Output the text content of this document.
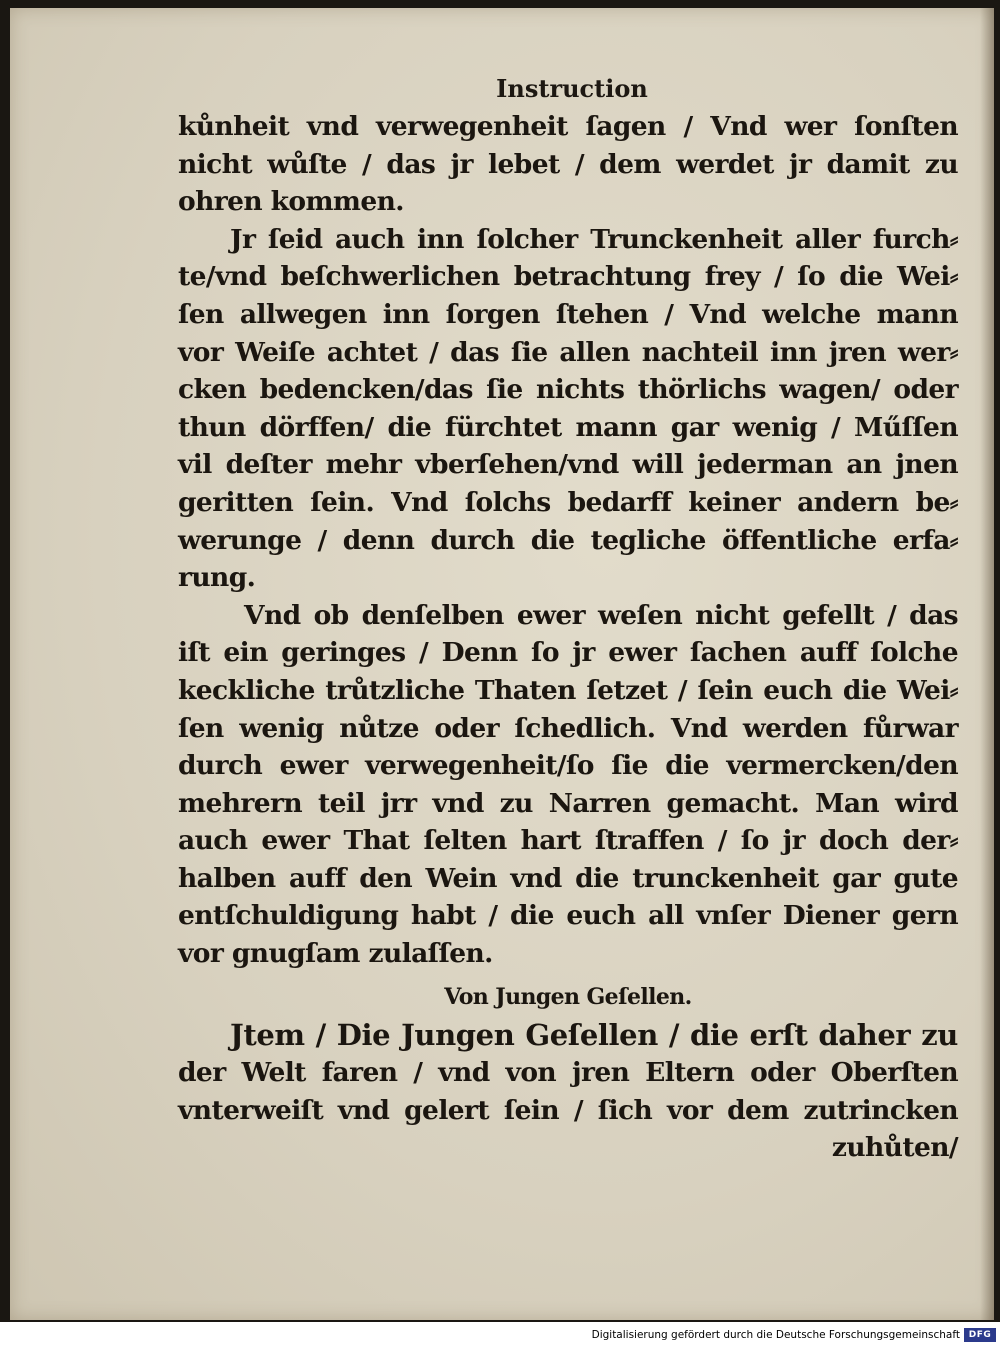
Instruction
kůnheit vnd verwegenheit ſagen / Vnd wer ſonſten
nicht wůſte / das jr lebet / dem werdet jr damit zu
ohren kommen.
Jr ſeid auch inn ſolcher Trunckenheit aller furch⸗
te/vnd beſchwerlichen betrachtung frey / ſo die Wei⸗
ſen allwegen inn ſorgen ſtehen / Vnd welche mann
vor Weiſe achtet / das ſie allen nachteil inn jren wer⸗
cken bedencken/das ſie nichts thörlichs wagen/ oder
thun dörffen/ die fürchtet mann gar wenig / Műſſen
vil deſter mehr vberſehen/vnd will jederman an jnen
geritten ſein. Vnd ſolchs bedarff keiner andern be⸗
werunge / denn durch die tegliche öffentliche erfa⸗
rung.
Vnd ob denſelben ewer weſen nicht gefellt / das
iſt ein geringes / Denn ſo jr ewer ſachen auff ſolche
keckliche trůtzliche Thaten ſetzet / ſein euch die Wei⸗
ſen wenig nůtze oder ſchedlich. Vnd werden fůrwar
durch ewer verwegenheit/ſo ſie die vermercken/den
mehrern teil jrr vnd zu Narren gemacht. Man wird
auch ewer That ſelten hart ſtraffen / ſo jr doch der⸗
halben auff den Wein vnd die trunckenheit gar gute
entſchuldigung habt / die euch all vnſer Diener gern
vor gnugſam zulaſſen.
Von Jungen Geſellen.
Jtem / Die Jungen Geſellen / die erſt daher zu
der Welt faren / vnd von jren Eltern oder Oberſten
vnterweiſt vnd gelert ſein / ſich vor dem zutrincken
zuhůten/
Digitalisierung gefördert durch die Deutsche Forschungsgemeinschaft DFG
